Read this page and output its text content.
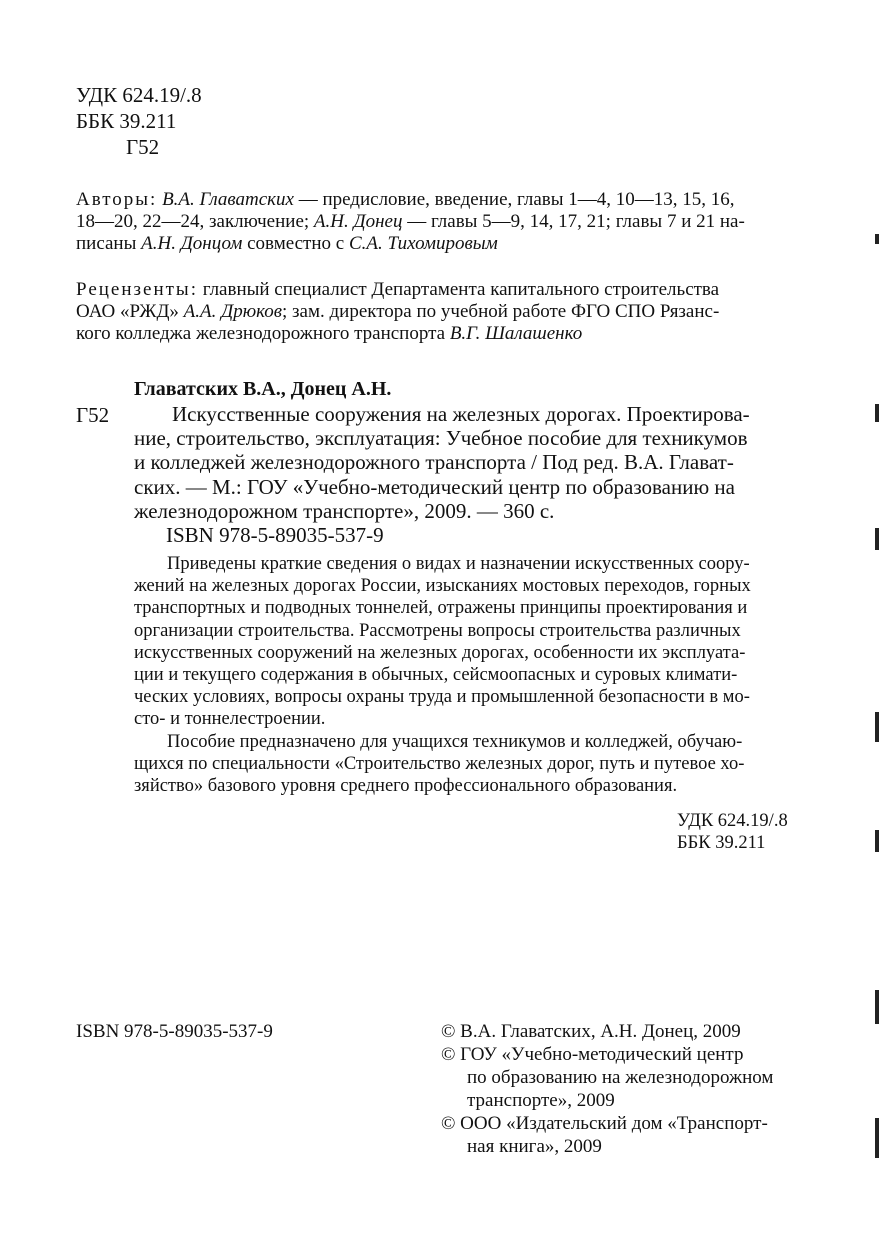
УДК 624.19/.8
ББК 39.211
Г52
Авторы: В.А. Главатских — предисловие, введение, главы 1—4, 10—13, 15, 16,
18—20, 22—24, заключение; А.Н. Донец — главы 5—9, 14, 17, 21; главы 7 и 21 на-
писаны А.Н. Донцом совместно с С.А. Тихомировым
Рецензенты: главный специалист Департамента капитального строительства
ОАО «РЖД» А.А. Дрюков; зам. директора по учебной работе ФГО СПО Рязанс-
кого колледжа железнодорожного транспорта В.Г. Шалашенко
Главатских В.А., Донец А.Н.
Г52	Искусственные сооружения на железных дорогах. Проектирова-
ние, строительство, эксплуатация: Учебное пособие для техникумов
и колледжей железнодорожного транспорта / Под ред. В.А. Глават-
ских. — М.: ГОУ «Учебно-методический центр по образованию на
железнодорожном транспорте», 2009. — 360 с.
ISBN 978-5-89035-537-9
Приведены краткие сведения о видах и назначении искусственных соору-
жений на железных дорогах России, изысканиях мостовых переходов, горных
транспортных и подводных тоннелей, отражены принципы проектирования и
организации строительства. Рассмотрены вопросы строительства различных
искусственных сооружений на железных дорогах, особенности их эксплуата-
ции и текущего содержания в обычных, сейсмоопасных и суровых климати-
ческих условиях, вопросы охраны труда и промышленной безопасности в мо-
сто- и тоннелестроении.
Пособие предназначено для учащихся техникумов и колледжей, обучаю-
щихся по специальности «Строительство железных дорог, путь и путевое хо-
зяйство» базового уровня среднего профессионального образования.
УДК 624.19/.8
ББК 39.211
ISBN 978-5-89035-537-9	© В.А. Главатских, А.Н. Донец, 2009
© ГОУ «Учебно-методический центр
по образованию на железнодорожном
транспорте», 2009
© ООО «Издательский дом «Транспорт-
ная книга», 2009
